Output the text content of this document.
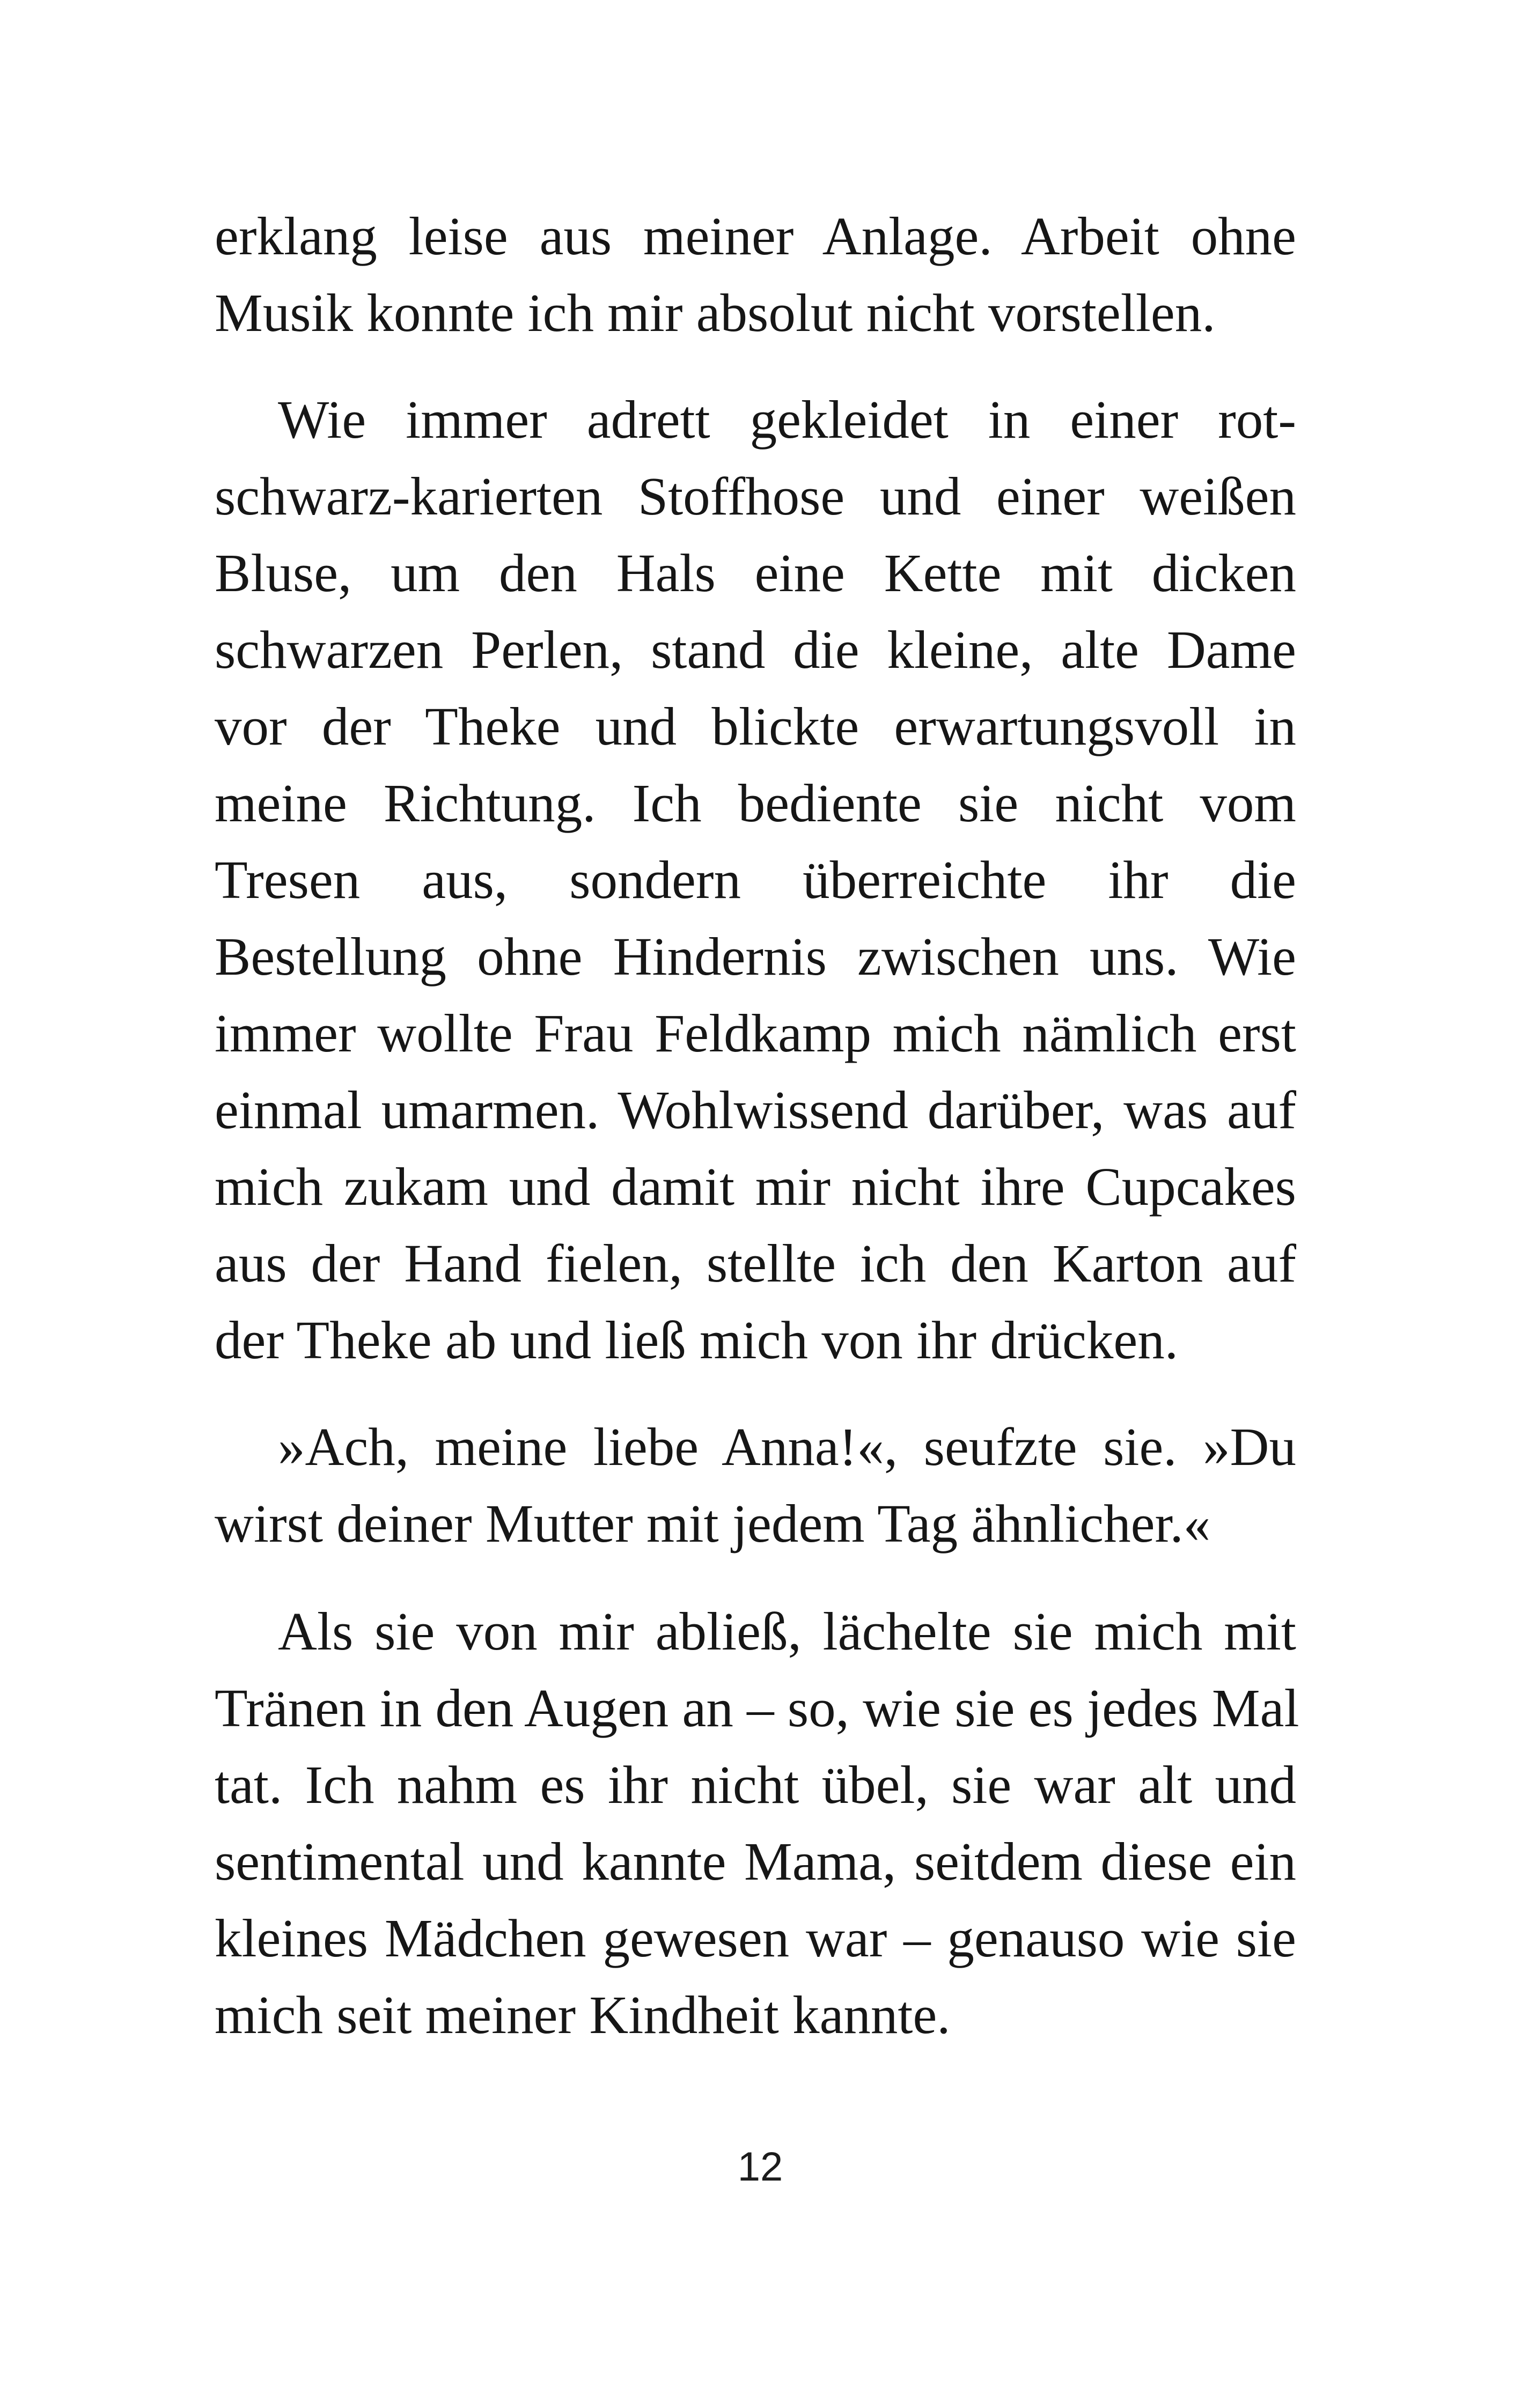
erklang leise aus meiner Anlage. Arbeit ohne

Musik konnte ich mir absolut nicht vorstellen.

Wie immer adrett gekleidet in einer rot-

schwarz-karierten Stoffhose und einer weißen

Bluse, um den Hals eine Kette mit dicken

schwarzen Perlen, stand die kleine, alte Dame

vor der Theke und blickte erwartungsvoll in

meine Richtung. Ich bediente sie nicht vom

Tresen aus, sondern überreichte ihr die

Bestellung ohne Hindernis zwischen uns. Wie

immer wollte Frau Feldkamp mich nämlich erst

einmal umarmen. Wohlwissend darüber, was auf

mich zukam und damit mir nicht ihre Cupcakes

aus der Hand fielen, stellte ich den Karton auf

der Theke ab und ließ mich von ihr drücken.

»Ach, meine liebe Anna!«, seufzte sie. »Du

wirst deiner Mutter mit jedem Tag ähnlicher.«

Als sie von mir abließ, lächelte sie mich mit

Tränen in den Augen an – so, wie sie es jedes Mal

tat. Ich nahm es ihr nicht übel, sie war alt und

sentimental und kannte Mama, seitdem diese ein

kleines Mädchen gewesen war – genauso wie sie

mich seit meiner Kindheit kannte.

12
